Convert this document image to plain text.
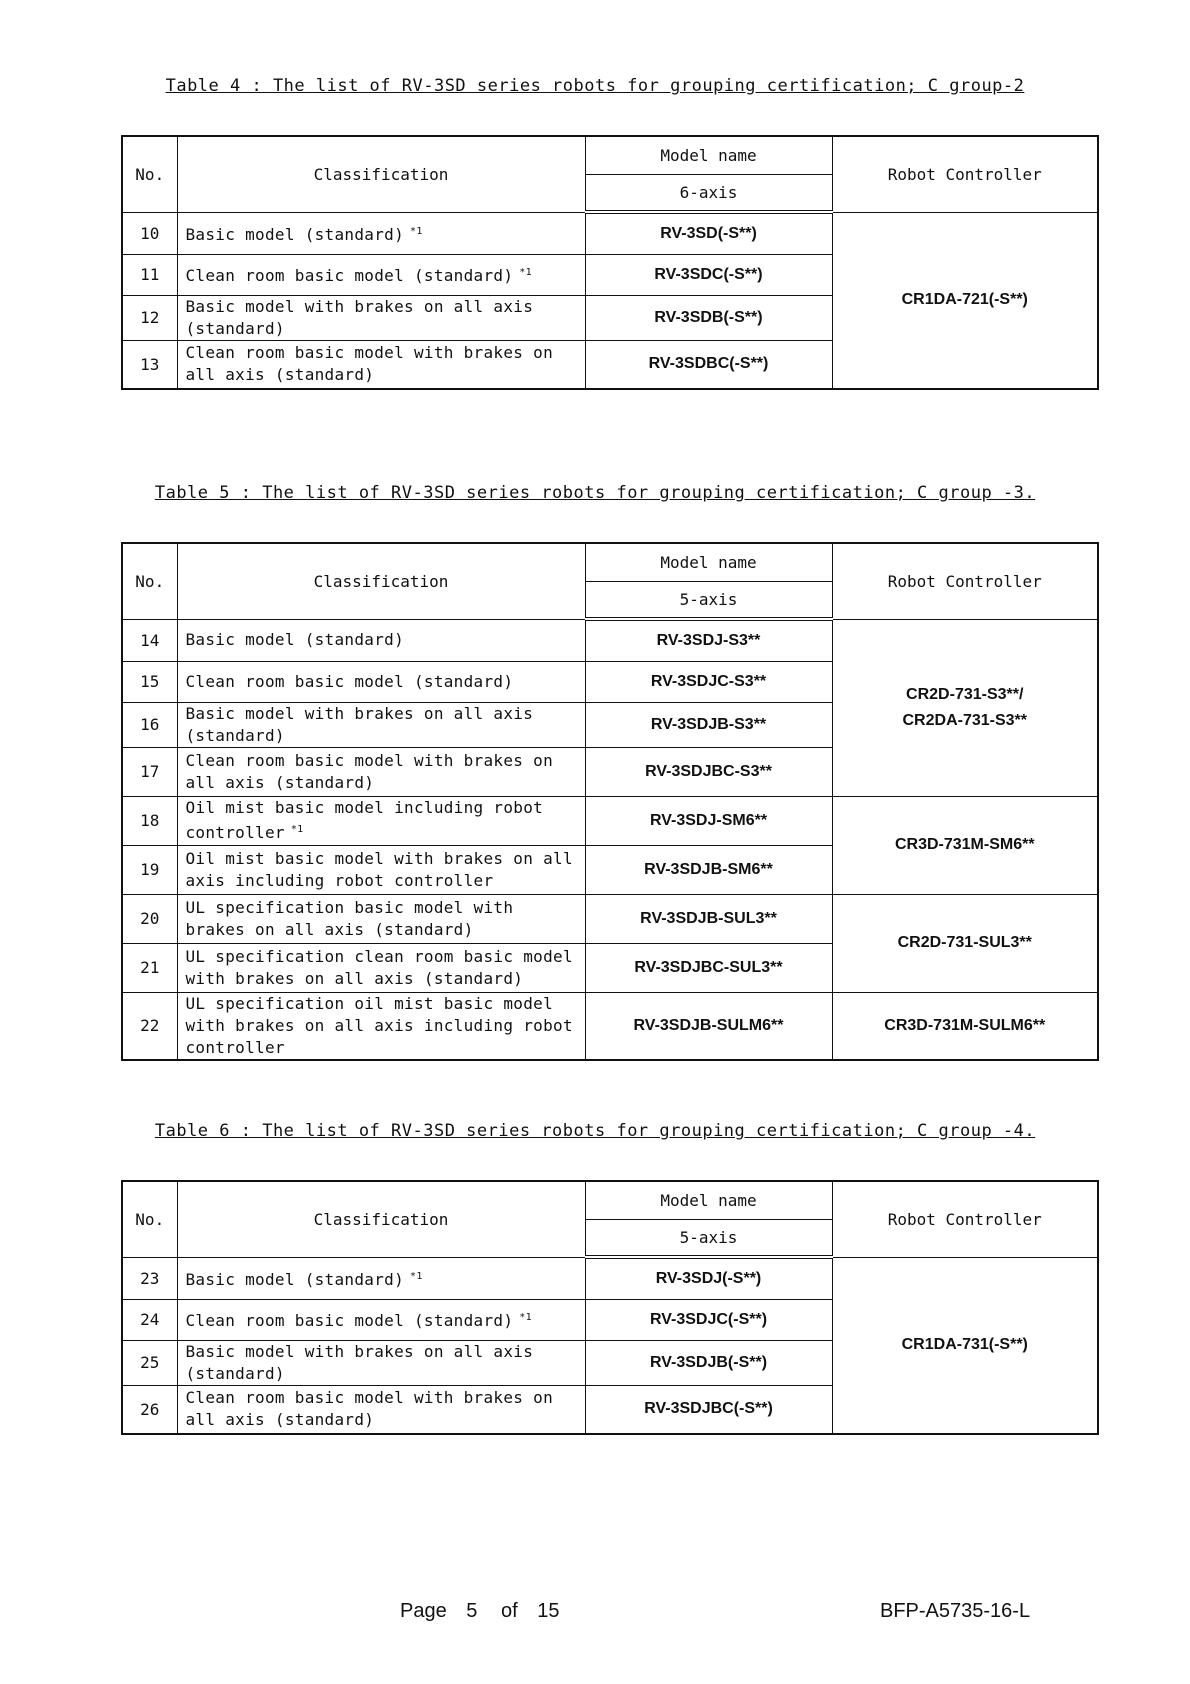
Table 4 : The list of RV-3SD series robots for grouping certification; C group-2
No.	Classification	Model name	Robot Controller
		6-axis	
10	Basic model (standard) $^{*1}$	RV-3SD(-S**)	CR1DA-721(-S**)
11	Clean room basic model (standard) $^{*1}$	RV-3SDC(-S**)	
12	Basic model with brakes on all axis (standard)	RV-3SDB(-S**)	
13	Clean room basic model with brakes on all axis (standard)	RV-3SDBC(-S**)	
Table 5 : The list of RV-3SD series robots for grouping certification; C group -3.
No.	Classification	Model name	Robot Controller
		5-axis	
14	Basic model (standard)	RV-3SDJ-S3**	CR2D-731-S3**/
CR2DA-731-S3**
15	Clean room basic model (standard)	RV-3SDJC-S3**	
16	Basic model with brakes on all axis (standard)	RV-3SDJB-S3**	
17	Clean room basic model with brakes on all axis (standard)	RV-3SDJBC-S3**	
18	Oil mist basic model including robot controller $^{*1}$	RV-3SDJ-SM6**	CR3D-731M-SM6**
19	Oil mist basic model with brakes on all axis including robot controller	RV-3SDJB-SM6**	
20	UL specification basic model with brakes on all axis (standard)	RV-3SDJB-SUL3**	CR2D-731-SUL3**
21	UL specification clean room basic model with brakes on all axis (standard)	RV-3SDJBC-SUL3**	
22	UL specification oil mist basic model with brakes on all axis including robot controller	RV-3SDJB-SULM6**	CR3D-731M-SULM6**
Table 6 : The list of RV-3SD series robots for grouping certification; C group -4.
No.	Classification	Model name	Robot Controller
		5-axis	
23	Basic model (standard) $^{*1}$	RV-3SDJ(-S**)	CR1DA-731(-S**)
24	Clean room basic model (standard) $^{*1}$	RV-3SDJC(-S**)	
25	Basic model with brakes on all axis (standard)	RV-3SDJB(-S**)	
26	Clean room basic model with brakes on all axis (standard)	RV-3SDJBC(-S**)	
Page 5 of 15	BFP-A5735-16-L
